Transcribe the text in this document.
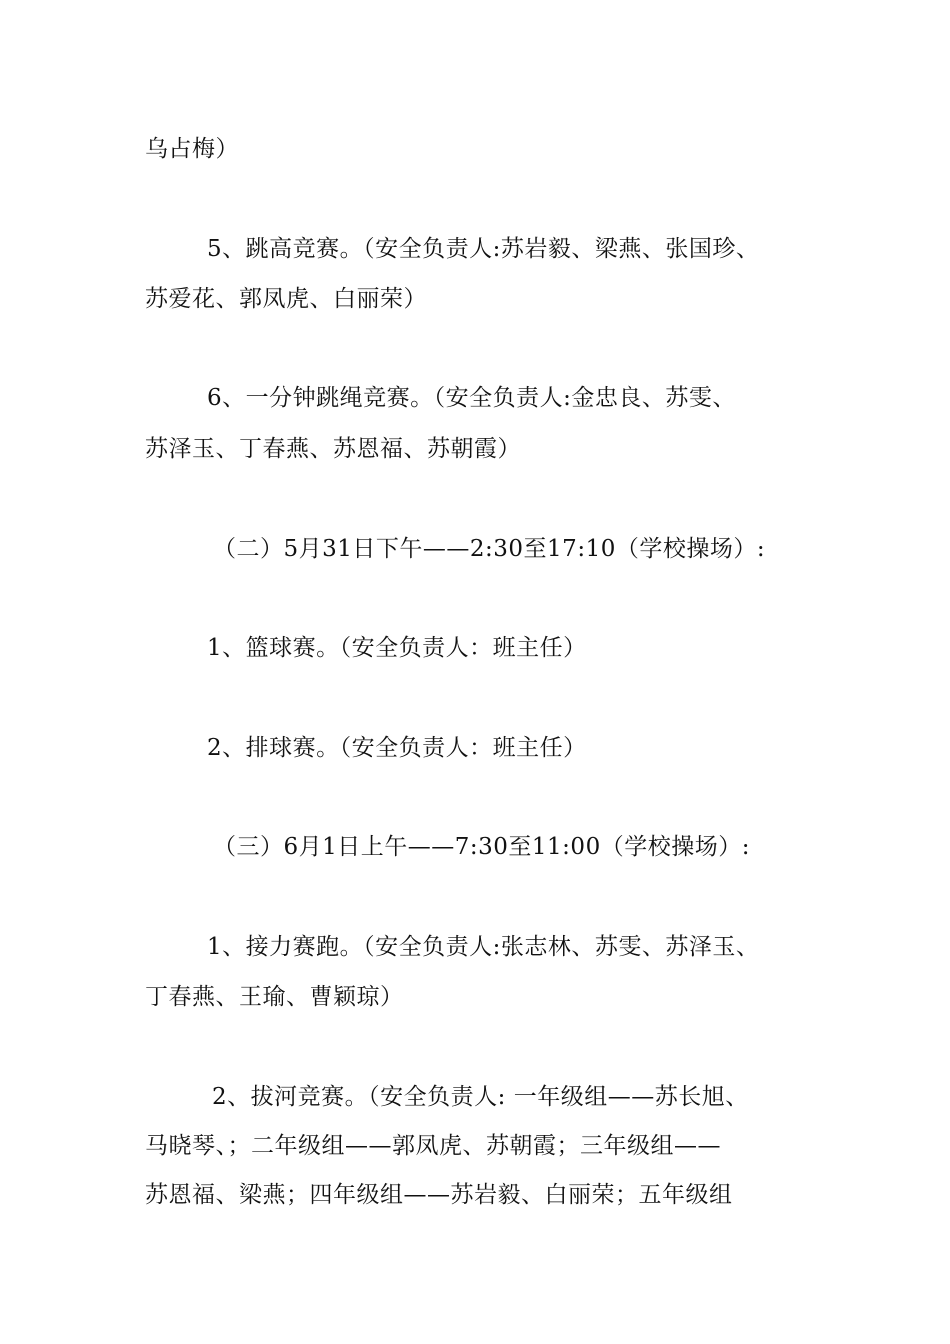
乌占梅）
5、跳高竞赛。（安全负责人:苏岩毅、梁燕、张国珍、
苏爱花、郭凤虎、白丽荣）
6、一分钟跳绳竞赛。（安全负责人:金忠良、苏雯、
苏泽玉、丁春燕、苏恩福、苏朝霞）
（二）5月31日下午——2:30至17:10（学校操场）:
1、篮球赛。（安全负责人：班主任）
2、排球赛。（安全负责人：班主任）
（三）6月1日上午——7:30至11:00（学校操场）:
1、接力赛跑。（安全负责人:张志林、苏雯、苏泽玉、
丁春燕、王瑜、曹颖琼）
2、拔河竞赛。（安全负责人: 一年级组——苏长旭、
马晓琴、；二年级组——郭凤虎、苏朝霞；三年级组——
苏恩福、梁燕；四年级组——苏岩毅、白丽荣；五年级组
